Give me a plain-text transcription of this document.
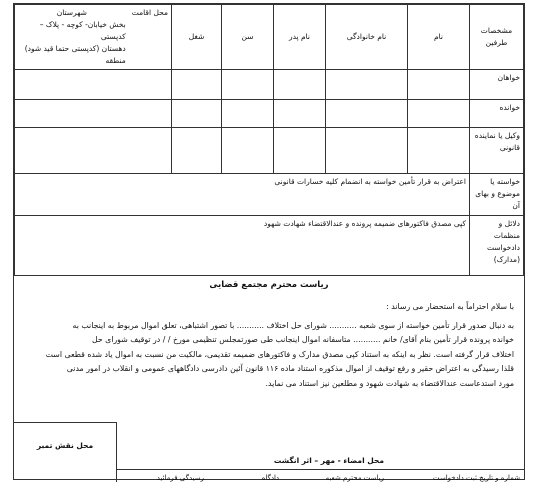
مشخصات طرفین	نام	نام خانوادگی	نام پدر	سن	شغل	محل اقامت
شهرستان
بخش خیابان- کوچه - پلاک – کدپستی
دهستان (کدپستی حتما قید شود)
منطقه

خواهان						
خوانده						
وکیل یا نماینده قانونی						
خواسته یا موضوع و بهای آن	اعتراض به قرار تأمین خواسته به انضمام کلیه خسارات قانونی					
دلائل و منظمات دادخواست (مدارک)	کپی مصدق فاکتورهای ضمیمه پرونده و عندالاقتضاء شهادت شهود					
ریاست محترم مجتمع قضایی

با سلام احتراماً به استحضار می رساند :

به دنبال صدور قرار تأمین خواسته از سوی شعبه ........... شورای حل اختلاف ........... با تصور اشتباهی، تعلق اموال مربوط به اینجانب به

خوانده پرونده قرار تأمین بنام آقای/ خانم ........... متاسفانه اموال اینجانب طی صورتمجلس تنظیمی مورخ / / در توقیف شورای حل

اختلاف قرار گرفته است. نظر به اینکه به استناد کپی مصدق مدارک و فاکتورهای ضمیمه تقدیمی، مالکیت من نسبت به اموال یاد شده قطعی است

قلذا رسیدگی به اعتراض حقیر و رفع توقیف از اموال مذکوره استناد ماده ۱۱۶ قانون آئین دادرسی دادگاههای عمومی و انقلاب در امور مدنی

مورد استدعاست عندالاقتضاء به شهادت شهود و مطلعین نیز استناد می نماید.

محل نقش تمبر
محل امضاء - مهر – اثر انگشت
شماره و تاریخ ثبت دادخواست
ریاست محترم شعبه
دادگاه
رسیدگی فرمائید
